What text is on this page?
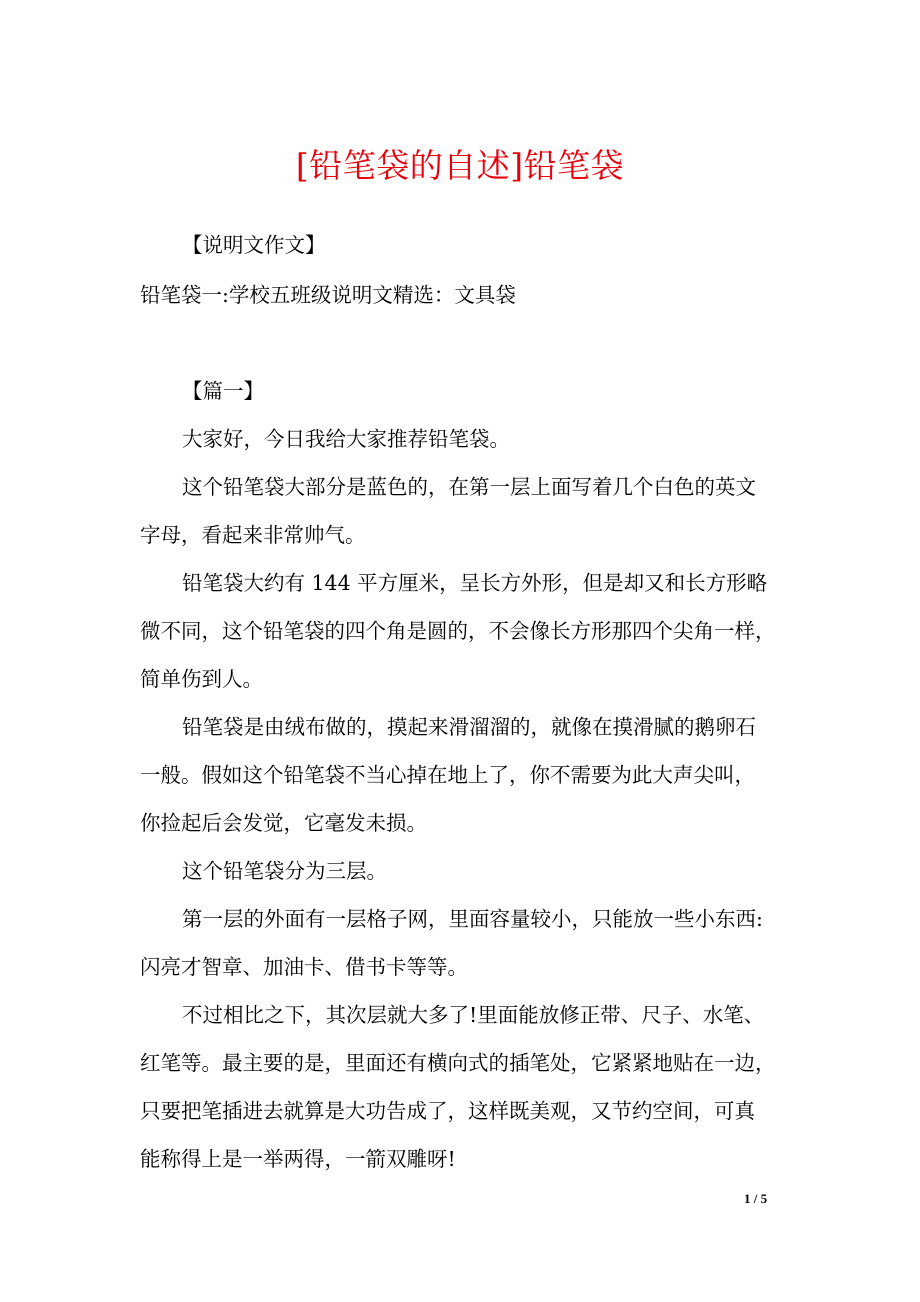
[铅笔袋的自述]铅笔袋
【说明文作文】
铅笔袋一:学校五班级说明文精选：文具袋
【篇一】
大家好，今日我给大家推荐铅笔袋。
这个铅笔袋大部分是蓝色的，在第一层上面写着几个白色的英文
字母，看起来非常帅气。
铅笔袋大约有 144 平方厘米，呈长方外形，但是却又和长方形略
微不同，这个铅笔袋的四个角是圆的，不会像长方形那四个尖角一样，
简单伤到人。
铅笔袋是由绒布做的，摸起来滑溜溜的，就像在摸滑腻的鹅卵石
一般。假如这个铅笔袋不当心掉在地上了，你不需要为此大声尖叫，
你捡起后会发觉，它毫发未损。
这个铅笔袋分为三层。
第一层的外面有一层格子网，里面容量较小，只能放一些小东西:
闪亮才智章、加油卡、借书卡等等。
不过相比之下，其次层就大多了!里面能放修正带、尺子、水笔、
红笔等。最主要的是，里面还有横向式的插笔处，它紧紧地贴在一边，
只要把笔插进去就算是大功告成了，这样既美观，又节约空间，可真
能称得上是一举两得，一箭双雕呀!
1 / 5
